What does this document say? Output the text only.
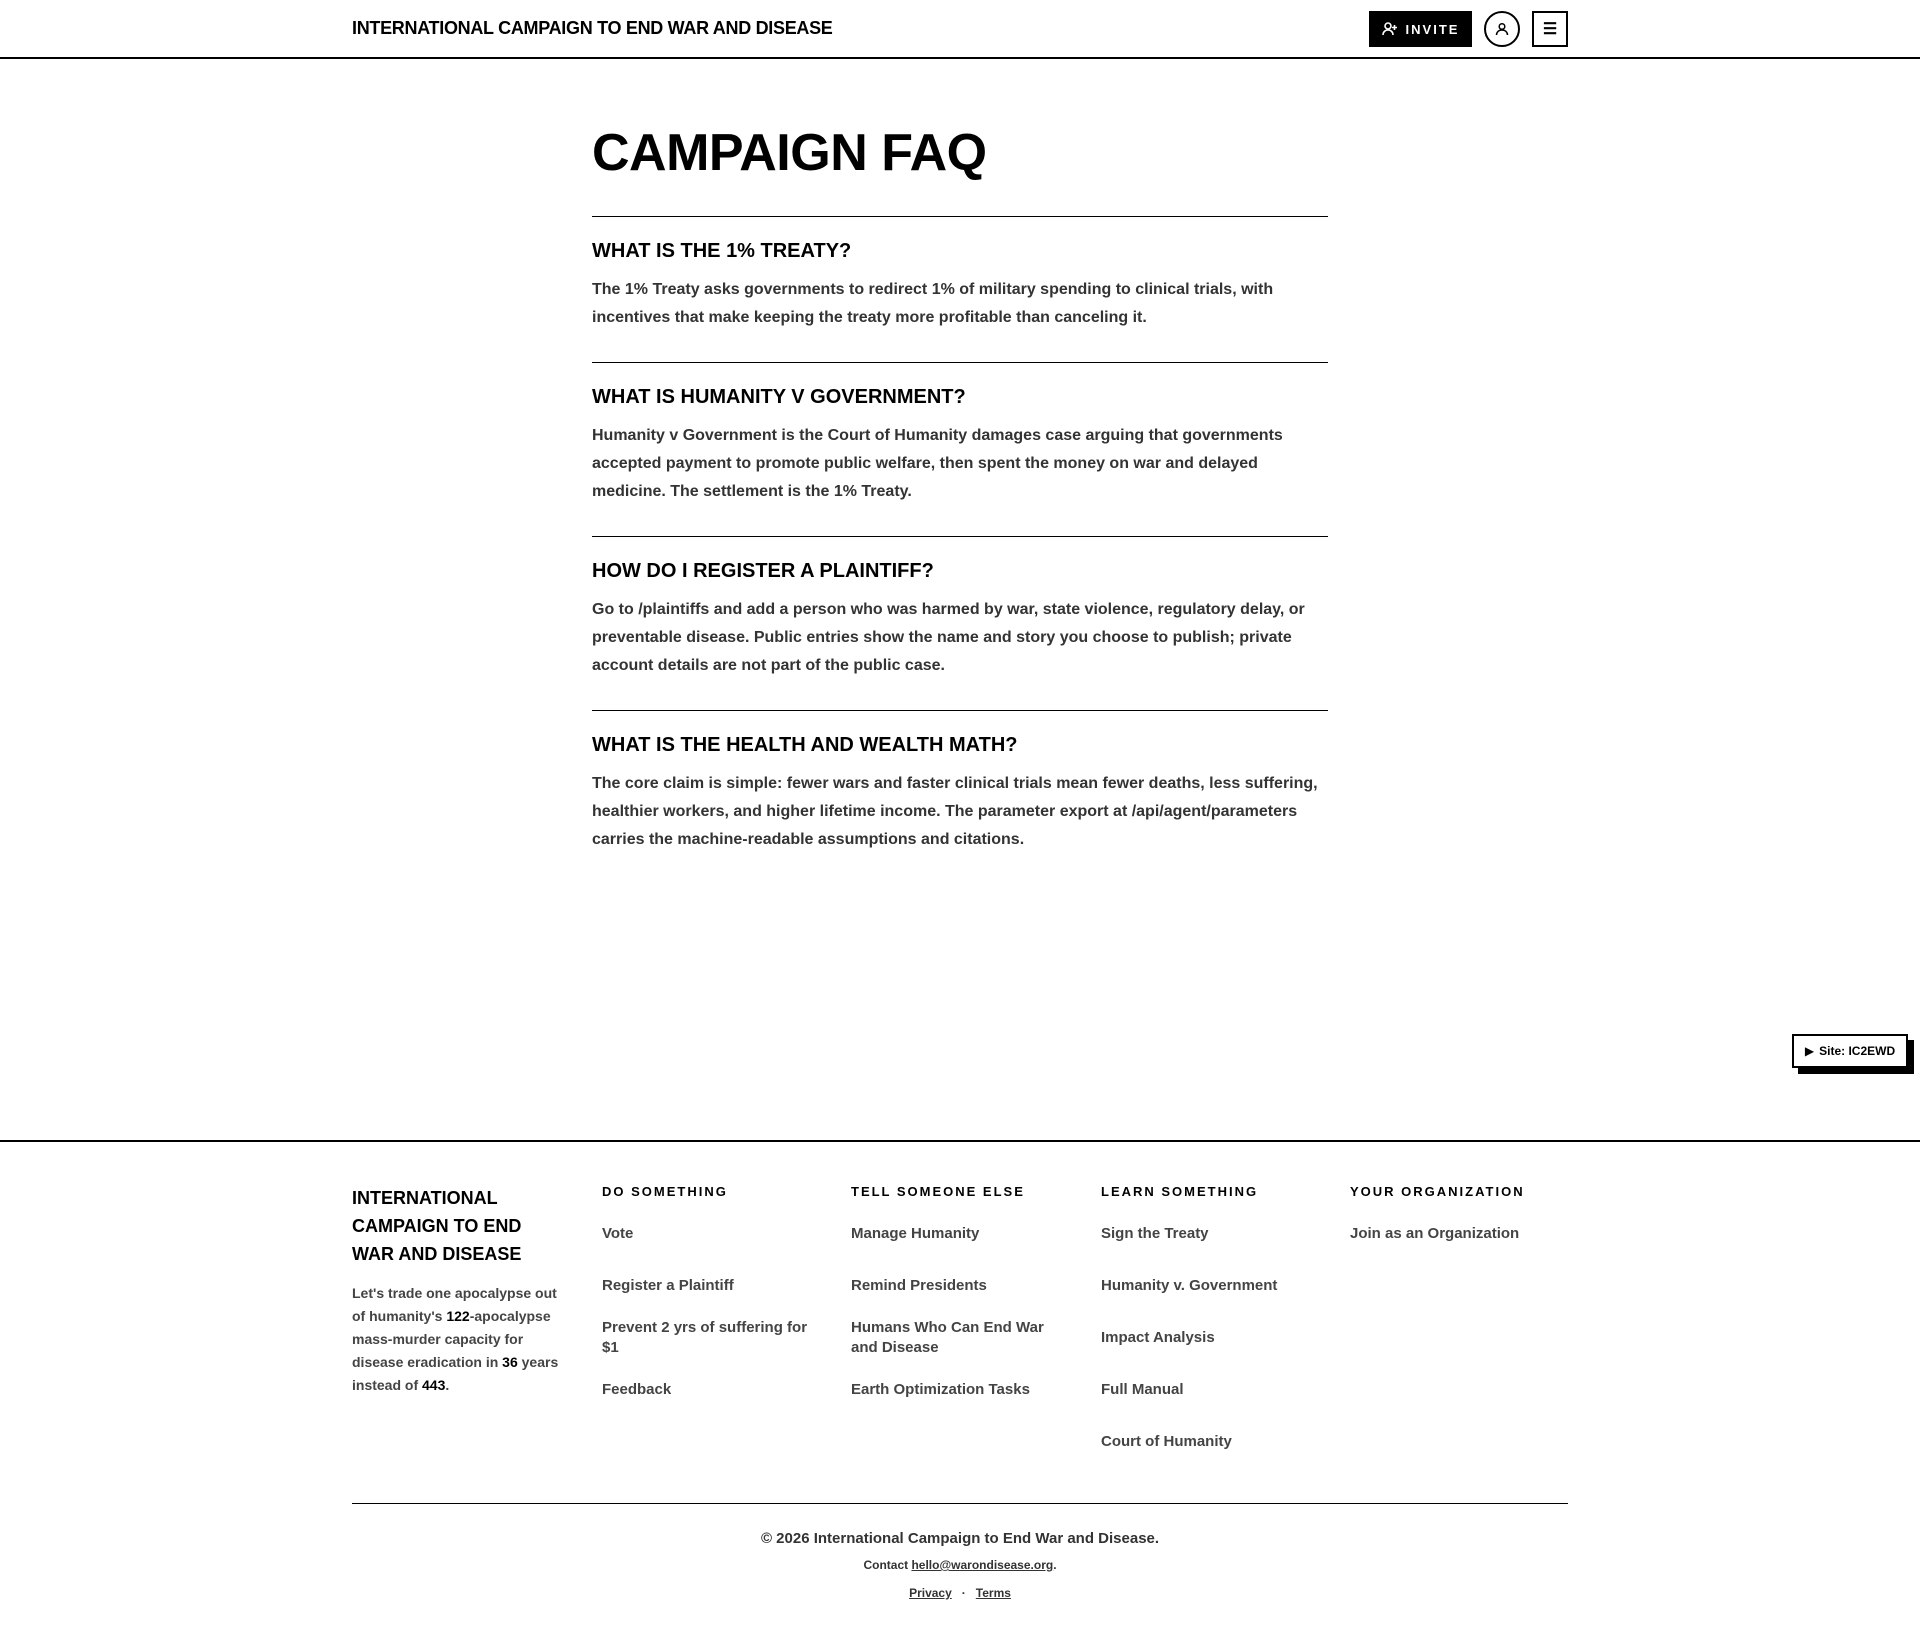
INTERNATIONAL CAMPAIGN TO END WAR AND DISEASE	INVITE	☰
CAMPAIGN FAQ
WHAT IS THE 1% TREATY?

The 1% Treaty asks governments to redirect 1% of military spending to clinical trials, with incentives that make keeping the treaty more profitable than canceling it.

WHAT IS HUMANITY V GOVERNMENT?

Humanity v Government is the Court of Humanity damages case arguing that governments accepted payment to promote public welfare, then spent the money on war and delayed medicine. The settlement is the 1% Treaty.

HOW DO I REGISTER A PLAINTIFF?

Go to /plaintiffs and add a person who was harmed by war, state violence, regulatory delay, or preventable disease. Public entries show the name and story you choose to publish; private account details are not part of the public case.

WHAT IS THE HEALTH AND WEALTH MATH?

The core claim is simple: fewer wars and faster clinical trials mean fewer deaths, less suffering, healthier workers, and higher lifetime income. The parameter export at /api/agent/parameters carries the machine-readable assumptions and citations.

▶ Site: IC2EWD
INTERNATIONAL CAMPAIGN TO END WAR AND DISEASE

Let's trade one apocalypse out of humanity's 122-apocalypse mass-murder capacity for disease eradication in 36 years instead of 443.

DO SOMETHING
Vote
Register a Plaintiff
Prevent 2 yrs of suffering for $1
Feedback
TELL SOMEONE ELSE
Manage Humanity
Remind Presidents
Humans Who Can End War and Disease
Earth Optimization Tasks
LEARN SOMETHING
Sign the Treaty
Humanity v. Government
Impact Analysis
Full Manual
Court of Humanity
YOUR ORGANIZATION
Join as an Organization
© 2026 International Campaign to End War and Disease.
Contact hello@warondisease.org.
Privacy · Terms
